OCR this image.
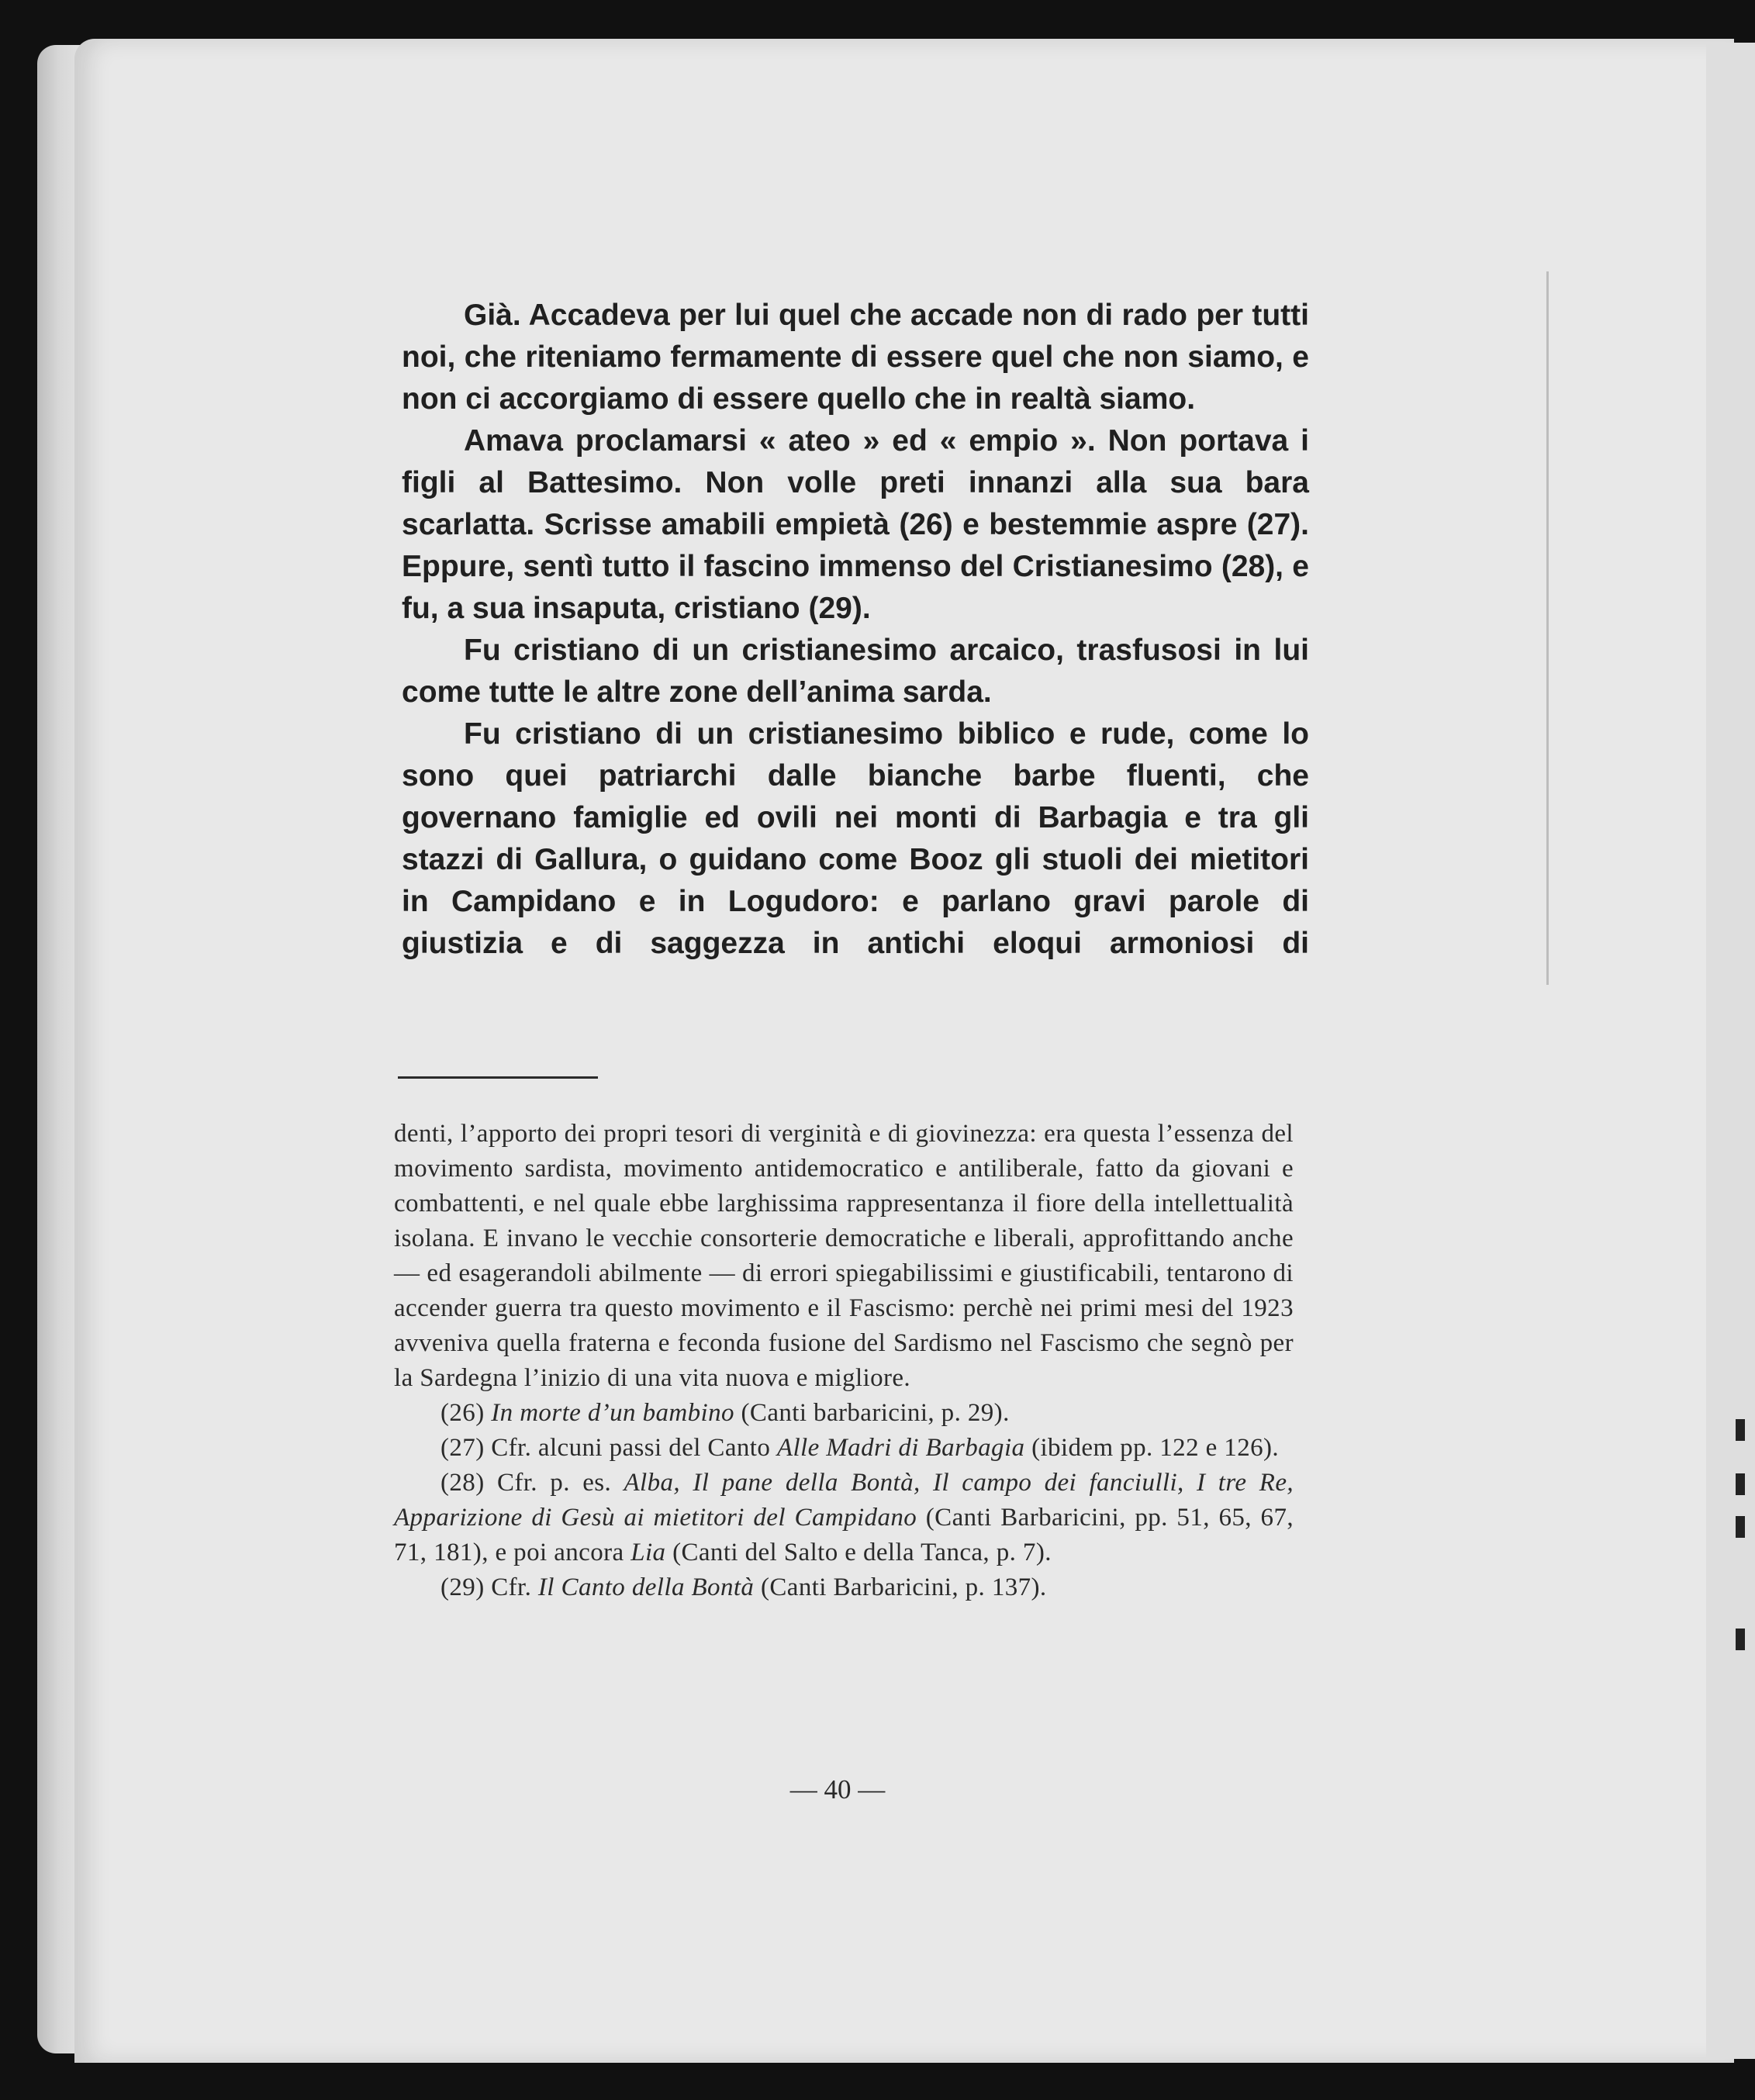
Già. Accadeva per lui quel che accade non di rado per tutti noi, che riteniamo fermamente di essere quel che non siamo, e non ci accorgiamo di essere quello che in realtà siamo.

Amava proclamarsi « ateo » ed « empio ». Non portava i figli al Battesimo. Non volle preti innanzi alla sua bara scarlatta. Scrisse amabili empietà (26) e bestemmie aspre (27). Eppure, sentì tutto il fascino immenso del Cristianesimo (28), e fu, a sua insaputa, cristiano (29).

Fu cristiano di un cristianesimo arcaico, trasfusosi in lui come tutte le altre zone dell’anima sarda.

Fu cristiano di un cristianesimo biblico e rude, come lo sono quei patriarchi dalle bianche barbe fluenti, che governano famiglie ed ovili nei monti di Barbagia e tra gli stazzi di Gallura, o guidano come Booz gli stuoli dei mietitori in Campidano e in Logudoro: e parlano gravi parole di giustizia e di saggezza in antichi eloqui armoniosi di

denti, l’apporto dei propri tesori di verginità e di giovinezza: era questa l’essenza del movimento sardista, movimento antidemocratico e antiliberale, fatto da giovani e combattenti, e nel quale ebbe larghissima rappresentanza il fiore della intellettualità isolana. E invano le vecchie consorterie democratiche e liberali, approfittando anche — ed esagerandoli abilmente — di errori spiegabilissimi e giustificabili, tentarono di accender guerra tra questo movimento e il Fascismo: perchè nei primi mesi del 1923 avveniva quella fraterna e feconda fusione del Sardismo nel Fascismo che segnò per la Sardegna l’inizio di una vita nuova e migliore.

(26) In morte d’un bambino (Canti barbaricini, p. 29).

(27) Cfr. alcuni passi del Canto Alle Madri di Barbagia (ibidem pp. 122 e 126).

(28) Cfr. p. es. Alba, Il pane della Bontà, Il campo dei fanciulli, I tre Re, Apparizione di Gesù ai mietitori del Campidano (Canti Barbaricini, pp. 51, 65, 67, 71, 181), e poi ancora Lia (Canti del Salto e della Tanca, p. 7).

(29) Cfr. Il Canto della Bontà (Canti Barbaricini, p. 137).

— 40 —
